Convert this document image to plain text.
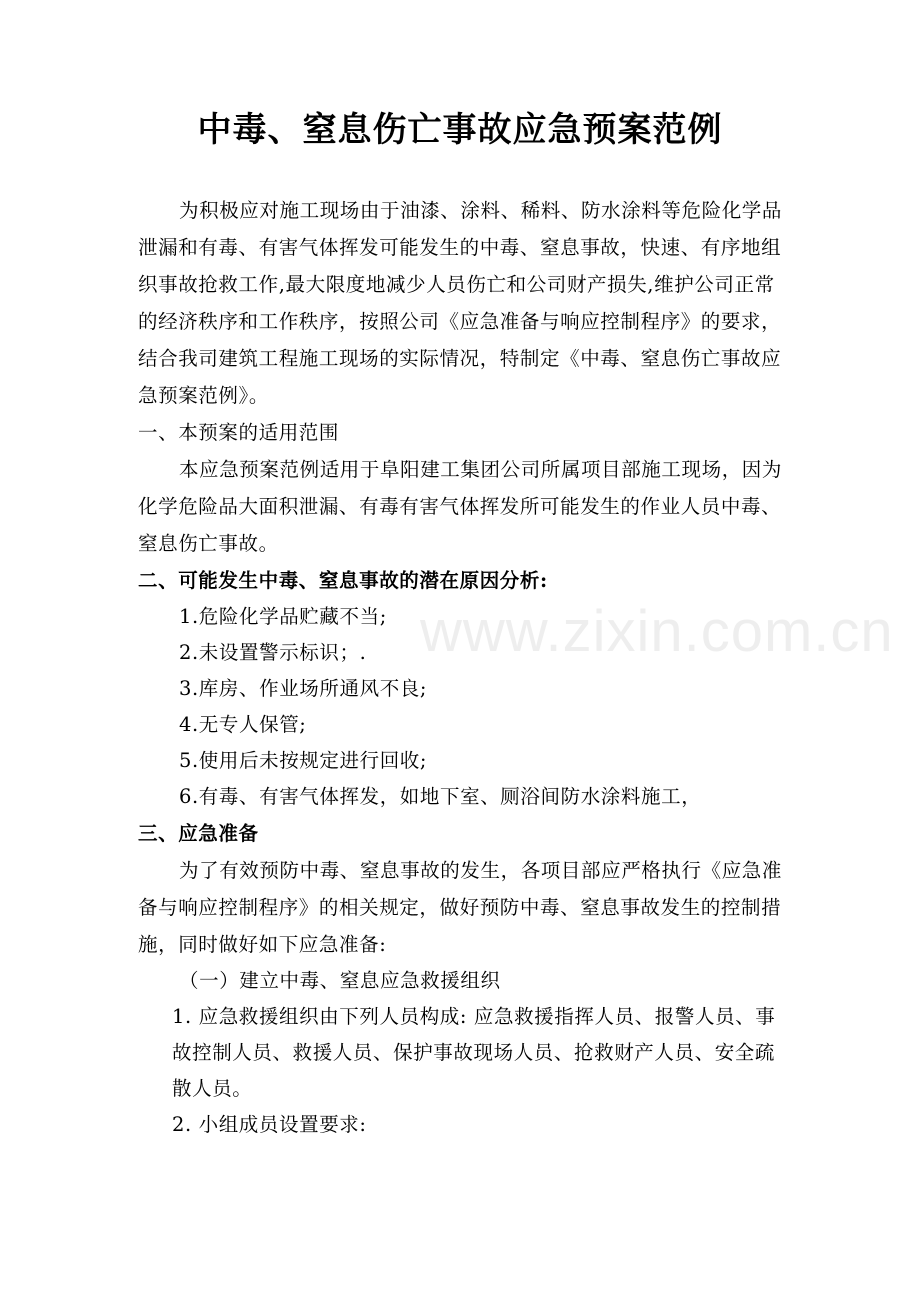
中毒、窒息伤亡事故应急预案范例

为积极应对施工现场由于油漆、涂料、稀料、防水涂料等危险化学品泄漏和有毒、有害气体挥发可能发生的中毒、窒息事故，快速、有序地组织事故抢救工作,最大限度地减少人员伤亡和公司财产损失,维护公司正常的经济秩序和工作秩序，按照公司《应急准备与响应控制程序》的要求，结合我司建筑工程施工现场的实际情况，特制定《中毒、窒息伤亡事故应急预案范例》。

一、本预案的适用范围

本应急预案范例适用于阜阳建工集团公司所属项目部施工现场，因为化学危险品大面积泄漏、有毒有害气体挥发所可能发生的作业人员中毒、窒息伤亡事故。

二、可能发生中毒、窒息事故的潜在原因分析:

1.危险化学品贮藏不当;

2.未设置警示标识；.

3.库房、作业场所通风不良;

4.无专人保管;

5.使用后未按规定进行回收;

6.有毒、有害气体挥发，如地下室、厕浴间防水涂料施工，

三、应急准备

为了有效预防中毒、窒息事故的发生，各项目部应严格执行《应急准备与响应控制程序》的相关规定，做好预防中毒、窒息事故发生的控制措施，同时做好如下应急准备:

（一）建立中毒、窒息应急救援组织

1. 应急救援组织由下列人员构成: 应急救援指挥人员、报警人员、事故控制人员、救援人员、保护事故现场人员、抢救财产人员、安全疏散人员。

2. 小组成员设置要求:

www.zixin.com.cn
